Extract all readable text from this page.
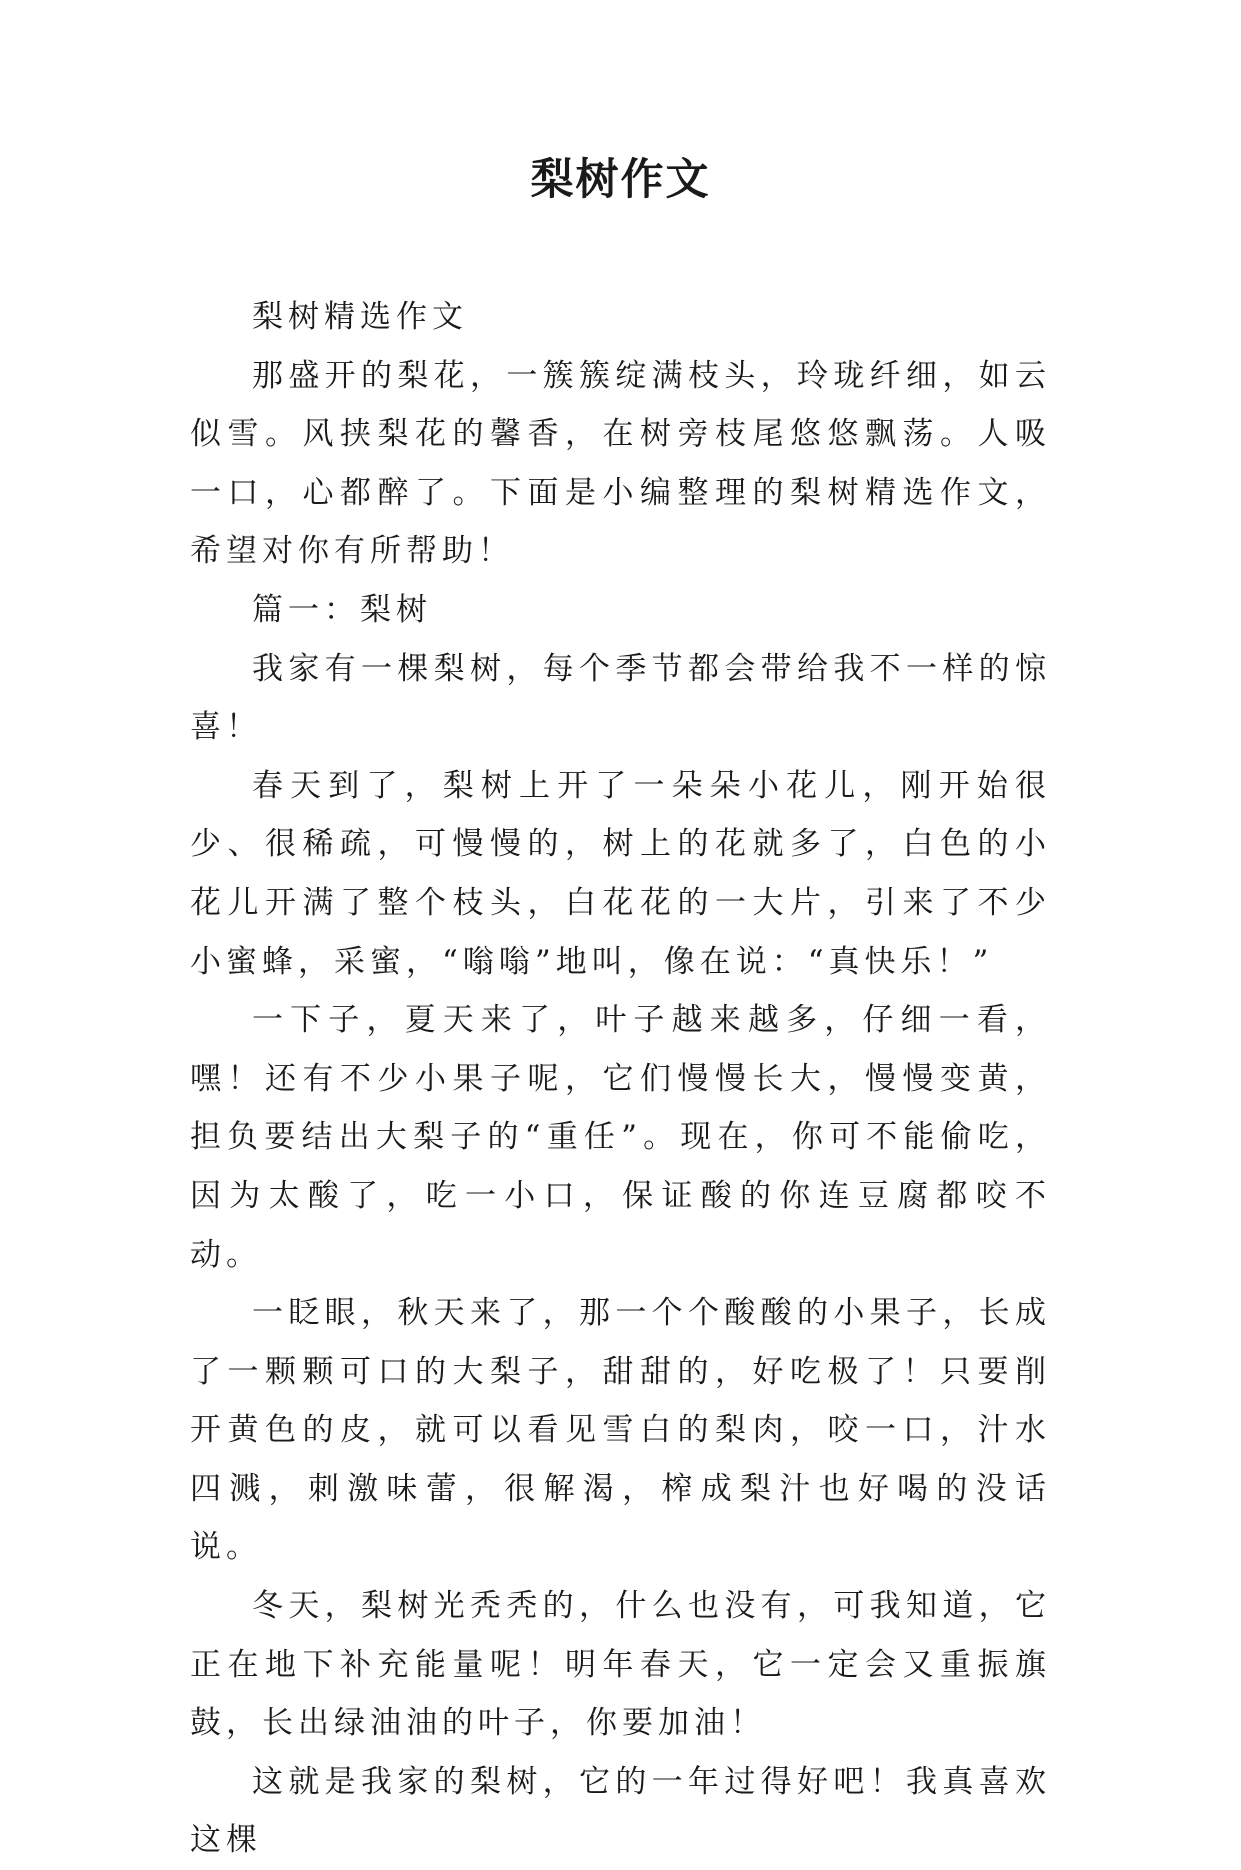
梨树作文

梨树精选作文

那盛开的梨花，一簇簇绽满枝头，玲珑纤细，如云似雪。风挟梨花的馨香，在树旁枝尾悠悠飘荡。人吸一口，心都醉了。下面是小编整理的梨树精选作文，希望对你有所帮助！

篇一：梨树

我家有一棵梨树，每个季节都会带给我不一样的惊喜！

春天到了，梨树上开了一朵朵小花儿，刚开始很少、很稀疏，可慢慢的，树上的花就多了，白色的小花儿开满了整个枝头，白花花的一大片，引来了不少小蜜蜂，采蜜，“嗡嗡”地叫，像在说：“真快乐！”

一下子，夏天来了，叶子越来越多，仔细一看，嘿！还有不少小果子呢，它们慢慢长大，慢慢变黄，担负要结出大梨子的“重任”。现在，你可不能偷吃，因为太酸了，吃一小口，保证酸的你连豆腐都咬不动。

一眨眼，秋天来了，那一个个酸酸的小果子，长成了一颗颗可口的大梨子，甜甜的，好吃极了！只要削开黄色的皮，就可以看见雪白的梨肉，咬一口，汁水四溅，刺激味蕾，很解渴，榨成梨汁也好喝的没话说。

冬天，梨树光秃秃的，什么也没有，可我知道，它正在地下补充能量呢！明年春天，它一定会又重振旗鼓，长出绿油油的叶子，你要加油！

这就是我家的梨树，它的一年过得好吧！我真喜欢这棵
